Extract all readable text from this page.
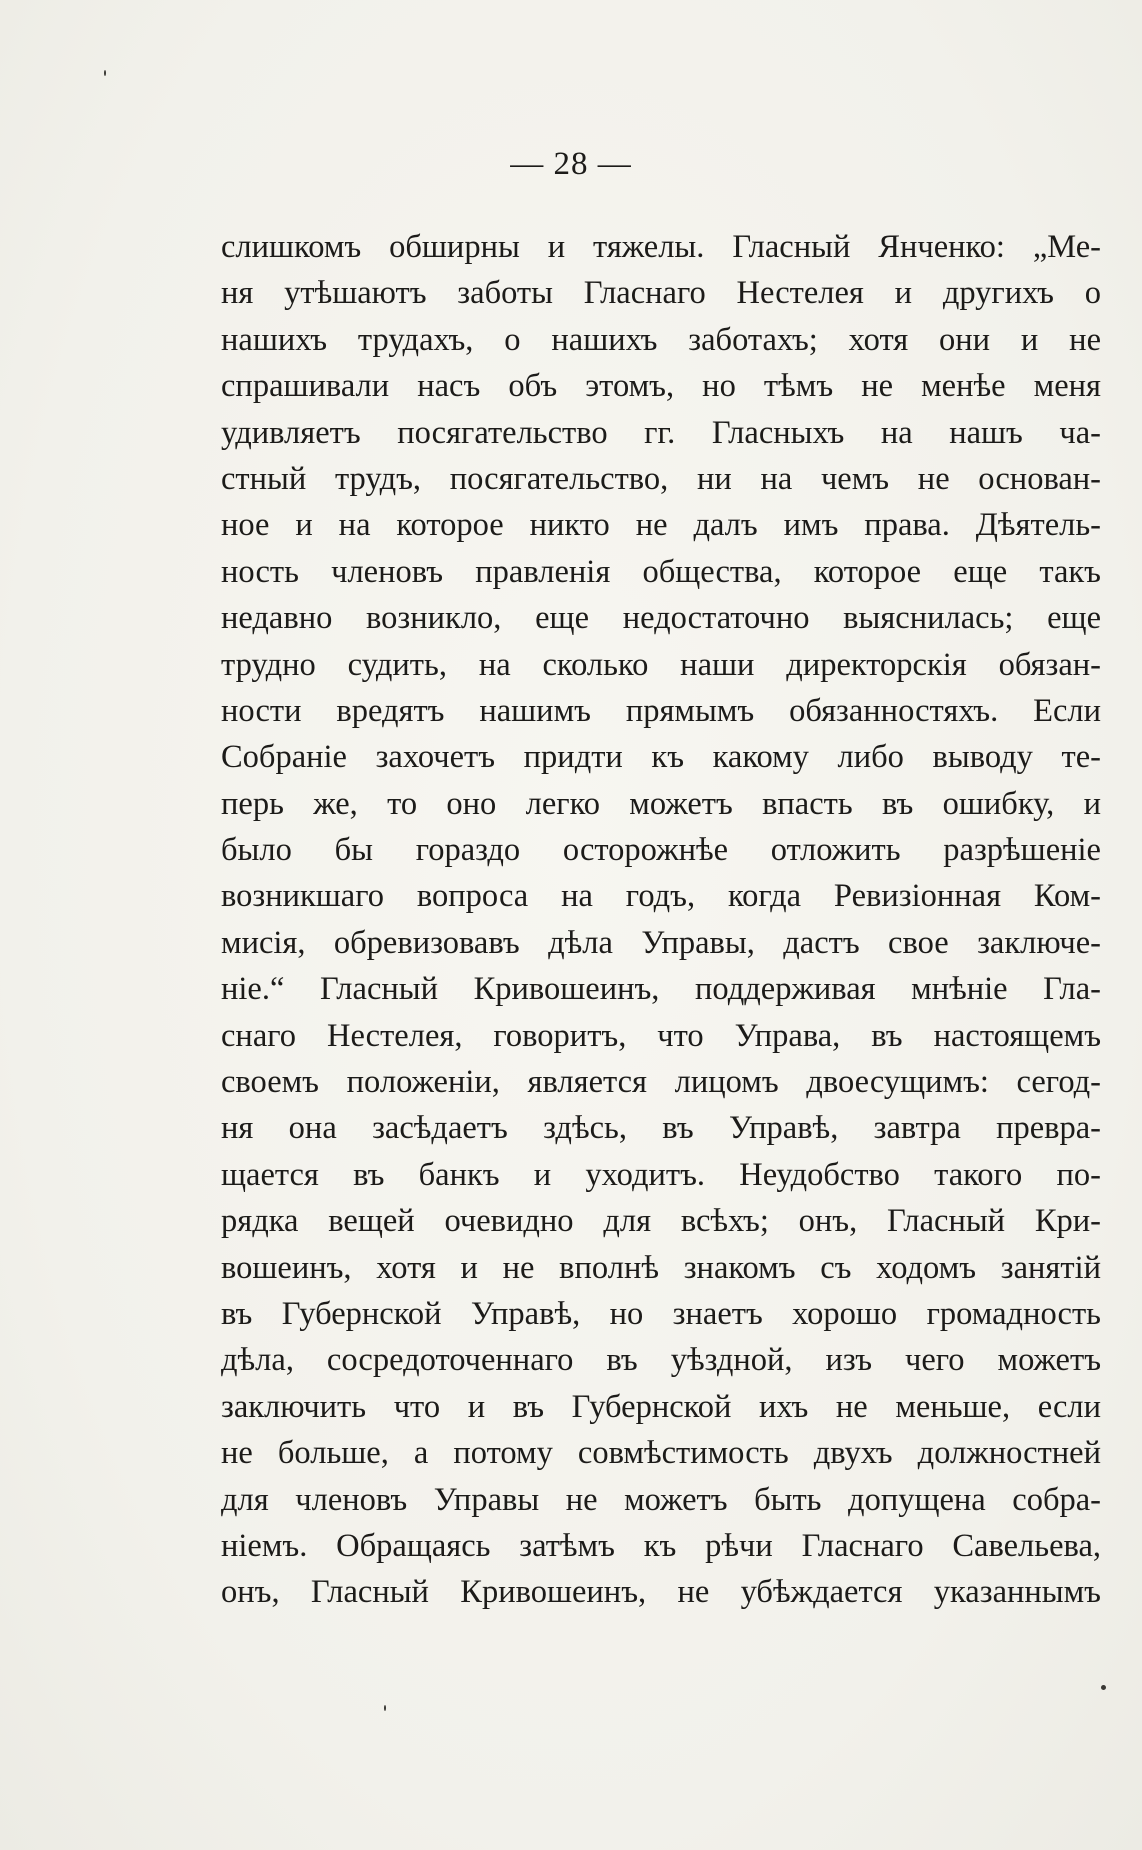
— 28 —
слишкомъ обширны и тяжелы. Гласный Янченко: „Ме-
ня утѣшаютъ заботы Гласнаго Нестелея и другихъ о
нашихъ трудахъ, о нашихъ заботахъ; хотя они и не
спрашивали насъ объ этомъ, но тѣмъ не менѣе меня
удивляетъ посягательство гг. Гласныхъ на нашъ ча-
стный трудъ, посягательство, ни на чемъ не основан-
ное и на которое никто не далъ имъ права. Дѣятель-
ность членовъ правленія общества, которое еще такъ
недавно возникло, еще недостаточно выяснилась; еще
трудно судить, на сколько наши директорскія обязан-
ности вредятъ нашимъ прямымъ обязанностяхъ. Если
Собраніе захочетъ придти къ какому либо выводу те-
перь же, то оно легко можетъ впасть въ ошибку, и
было бы гораздо осторожнѣе отложить разрѣшеніе
возникшаго вопроса на годъ, когда Ревизіонная Ком-
мисія, обревизовавъ дѣла Управы, дастъ свое заключе-
ніе.“ Гласный Кривошеинъ, поддерживая мнѣніе Гла-
снаго Нестелея, говоритъ, что Управа, въ настоящемъ
своемъ положеніи, является лицомъ двоесущимъ: сегод-
ня она засѣдаетъ здѣсь, въ Управѣ, завтра превра-
щается въ банкъ и уходитъ. Неудобство такого по-
рядка вещей очевидно для всѣхъ; онъ, Гласный Кри-
вошеинъ, хотя и не вполнѣ знакомъ съ ходомъ занятій
въ Губернской Управѣ, но знаетъ хорошо громадность
дѣла, сосредоточеннаго въ уѣздной, изъ чего можетъ
заключить что и въ Губернской ихъ не меньше, если
не больше, а потому совмѣстимость двухъ должностней
для членовъ Управы не можетъ быть допущена собра-
ніемъ. Обращаясь затѣмъ къ рѣчи Гласнаго Савельева,
онъ, Гласный Кривошеинъ, не убѣждается указаннымъ
